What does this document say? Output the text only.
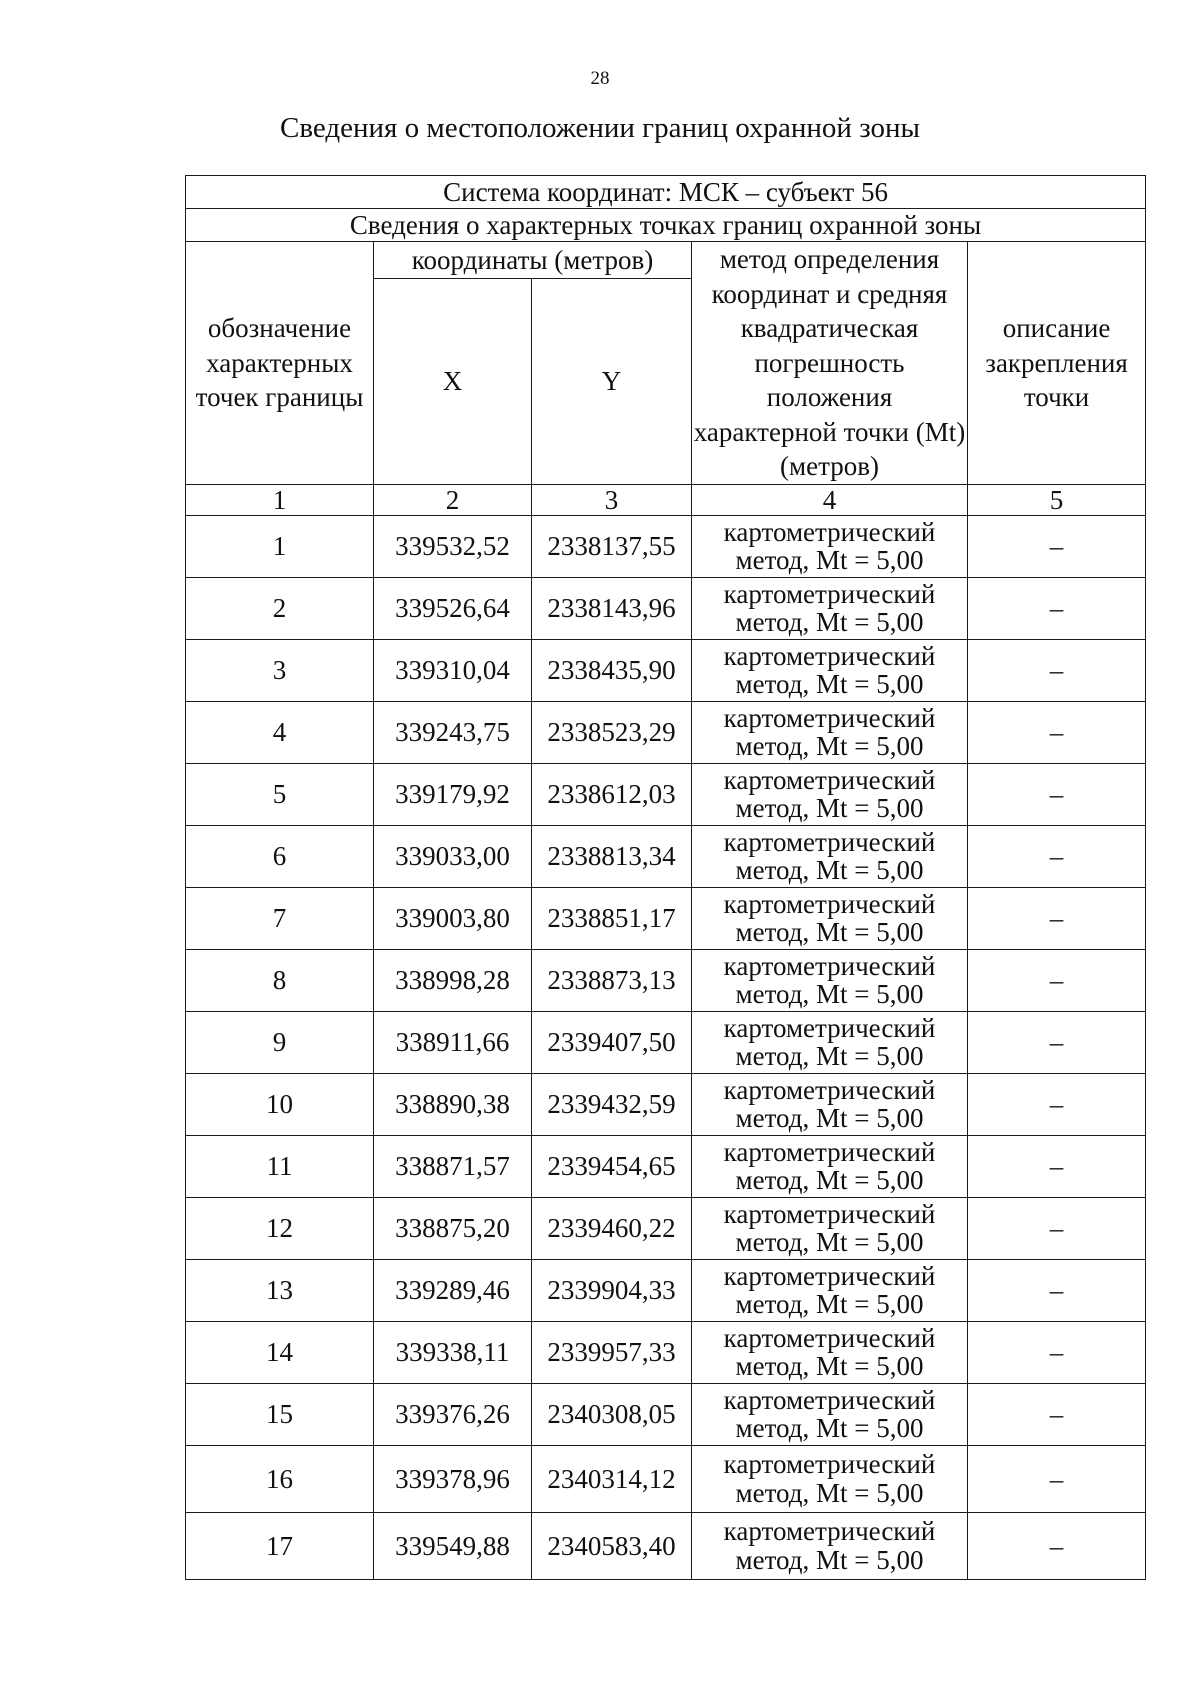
28
Сведения о местоположении границ охранной зоны
Система координат: МСК – субъект 56				
Сведения о характерных точках границ охранной зоны				
обозначение характерных точек границы	координаты (метров)		метод определения координат и средняя квадратическая погрешность положения характерной точки (Mt) (метров)	описание закрепления точки
	X	Y		
1	2	3	4	5
1	339532,52	2338137,55	картометрический метод, Mt = 5,00	–
2	339526,64	2338143,96	картометрический метод, Mt = 5,00	–
3	339310,04	2338435,90	картометрический метод, Mt = 5,00	–
4	339243,75	2338523,29	картометрический метод, Mt = 5,00	–
5	339179,92	2338612,03	картометрический метод, Mt = 5,00	–
6	339033,00	2338813,34	картометрический метод, Mt = 5,00	–
7	339003,80	2338851,17	картометрический метод, Mt = 5,00	–
8	338998,28	2338873,13	картометрический метод, Mt = 5,00	–
9	338911,66	2339407,50	картометрический метод, Mt = 5,00	–
10	338890,38	2339432,59	картометрический метод, Mt = 5,00	–
11	338871,57	2339454,65	картометрический метод, Mt = 5,00	–
12	338875,20	2339460,22	картометрический метод, Mt = 5,00	–
13	339289,46	2339904,33	картометрический метод, Mt = 5,00	–
14	339338,11	2339957,33	картометрический метод, Mt = 5,00	–
15	339376,26	2340308,05	картометрический метод, Mt = 5,00	–
16	339378,96	2340314,12	картометрический метод, Mt = 5,00	–
17	339549,88	2340583,40	картометрический метод, Mt = 5,00	–
